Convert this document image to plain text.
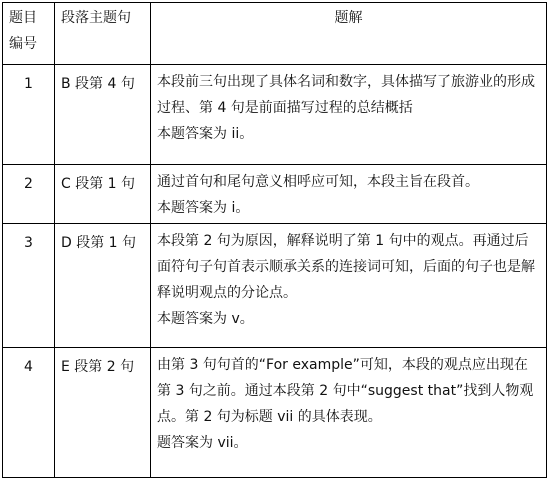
题目编号	段落主题句	题解
1	B 段第 4 句	本段前三句出现了具体名词和数字，具体描写了旅游业的形成过程、第 4 句是前面描写过程的总结概括
本题答案为 ii。

2	C 段第 1 句	通过首句和尾句意义相呼应可知，本段主旨在段首。
本题答案为 i。

3	D 段第 1 句	本段第 2 句为原因，解释说明了第 1 句中的观点。再通过后面符句子句首表示顺承关系的连接词可知，后面的句子也是解释说明观点的分论点。
本题答案为 v。

4	E 段第 2 句	由第 3 句句首的“For example”可知，本段的观点应出现在第 3 句之前。通过本段第 2 句中“suggest that”找到人物观点。第 2 句为标题 vii 的具体表现。
题答案为 vii。
